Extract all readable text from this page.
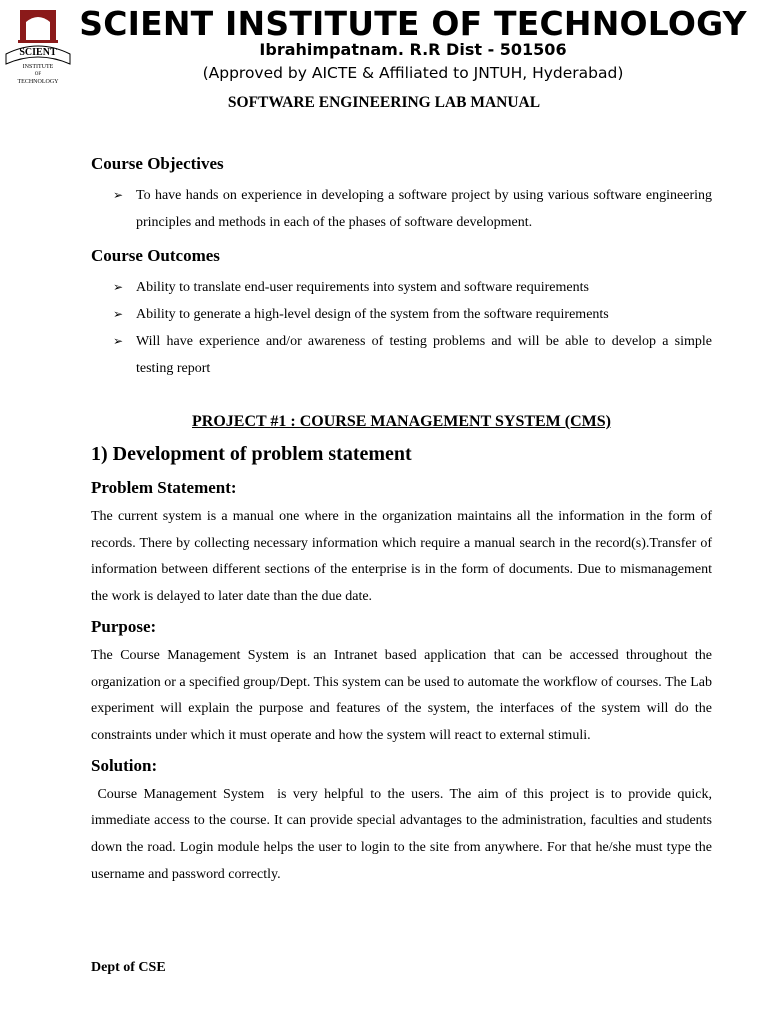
SCIENT
INSTITUTE
OF
TECHNOLOGY
SCIENT INSTITUTE OF TECHNOLOGY
Ibrahimpatnam. R.R Dist - 501506
(Approved by AICTE & Affiliated to JNTUH, Hyderabad)
SOFTWARE ENGINEERING LAB MANUAL
Course Objectives
➢ To have hands on experience in developing a software project by using various software engineering principles and methods in each of the phases of software development.
Course Outcomes
➢ Ability to translate end-user requirements into system and software requirements
➢ Ability to generate a high-level design of the system from the software requirements
➢ Will have experience and/or awareness of testing problems and will be able to develop a simple testing report
PROJECT #1 : COURSE MANAGEMENT SYSTEM (CMS)
1) Development of problem statement
Problem Statement:

The current system is a manual one where in the organization maintains all the information in the form of records. There by collecting necessary information which require a manual search in the record(s).Transfer of information between different sections of the enterprise is in the form of documents. Due to mismanagement the work is delayed to later date than the due date.

Purpose:

The Course Management System is an Intranet based application that can be accessed throughout the organization or a specified group/Dept. This system can be used to automate the workflow of courses. The Lab experiment will explain the purpose and features of the system, the interfaces of the system will do the constraints under which it must operate and how the system will react to external stimuli.

Solution:

Course Management System  is very helpful to the users. The aim of this project is to provide quick, immediate access to the course. It can provide special advantages to the administration, faculties and students down the road. Login module helps the user to login to the site from anywhere. For that he/she must type the username and password correctly.

Dept of CSE
